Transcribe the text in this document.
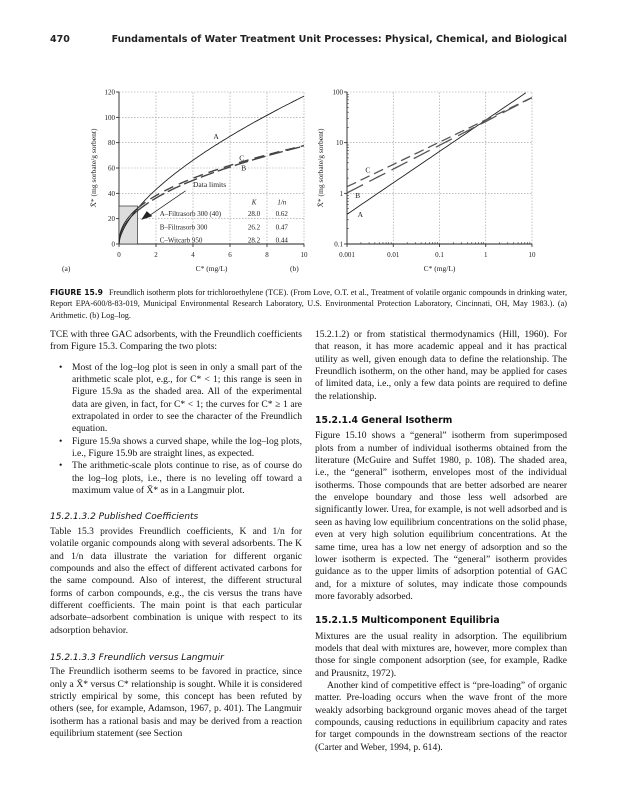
470	Fundamentals of Water Treatment Unit Processes: Physical, Chemical, and Biological
0	2	4	6	8	10
0
20
40
60
80
100
120
C* (mg/L)
X̄* (mg sorbate/g sorbent)
(a)
A
B
C
Data limits
K	1/n
A–Filtrasorb 300 (40)	28.0 0.62
B–Filtrasorb 300	26.2 0.47
C–Witcarb 950	28.2 0.44
0.001	0.01	0.1	1	10
0.1
1
10
100
C* (mg/L)
X̄* (mg sorbate/g sorbent)
(b)
A
B
C
FIGURE 15.9 Freundlich isotherm plots for trichloroethylene (TCE). (From Love, O.T. et al., Treatment of volatile organic compounds in drinking water, Report EPA-600/8-83-019, Municipal Environmental Research Laboratory, U.S. Environmental Protection Laboratory, Cincinnati, OH, May 1983.). (a) Arithmetic. (b) Log–log.

TCE with three GAC adsorbents, with the Freundlich coefficients from Figure 15.3. Comparing the two plots:

• Most of the log–log plot is seen in only a small part of the arithmetic scale plot, e.g., for C* < 1; this range is seen in Figure 15.9a as the shaded area. All of the experimental data are given, in fact, for C* < 1; the curves for C* ≥ 1 are extrapolated in order to see the character of the Freundlich equation.
• Figure 15.9a shows a curved shape, while the log–log plots, i.e., Figure 15.9b are straight lines, as expected.
• The arithmetic-scale plots continue to rise, as of course do the log–log plots, i.e., there is no leveling off toward a maximum value of X̄* as in a Langmuir plot.
15.2.1.3.2 Published Coefficients

Table 15.3 provides Freundlich coefficients, K and 1/n for volatile organic compounds along with several adsorbents. The K and 1/n data illustrate the variation for different organic compounds and also the effect of different activated carbons for the same compound. Also of interest, the different structural forms of carbon compounds, e.g., the cis versus the trans have different coefficients. The main point is that each particular adsorbate–adsorbent combination is unique with respect to its adsorption behavior.

15.2.1.3.3 Freundlich versus Langmuir

The Freundlich isotherm seems to be favored in practice, since only a X̄* versus C* relationship is sought. While it is considered strictly empirical by some, this concept has been refuted by others (see, for example, Adamson, 1967, p. 401). The Langmuir isotherm has a rational basis and may be derived from a reaction equilibrium statement (see Section

15.2.1.2) or from statistical thermodynamics (Hill, 1960). For that reason, it has more academic appeal and it has practical utility as well, given enough data to define the relationship. The Freundlich isotherm, on the other hand, may be applied for cases of limited data, i.e., only a few data points are required to define the relationship.

15.2.1.4 General Isotherm

Figure 15.10 shows a “general” isotherm from superimposed plots from a number of individual isotherms obtained from the literature (McGuire and Suffet 1980, p. 108). The shaded area, i.e., the “general” isotherm, envelopes most of the individual isotherms. Those compounds that are better adsorbed are nearer the envelope boundary and those less well adsorbed are significantly lower. Urea, for example, is not well adsorbed and is seen as having low equilibrium concentrations on the solid phase, even at very high solution equilibrium concentrations. At the same time, urea has a low net energy of adsorption and so the lower isotherm is expected. The “general” isotherm provides guidance as to the upper limits of adsorption potential of GAC and, for a mixture of solutes, may indicate those compounds more favorably adsorbed.

15.2.1.5 Multicomponent Equilibria

Mixtures are the usual reality in adsorption. The equilibrium models that deal with mixtures are, however, more complex than those for single component adsorption (see, for example, Radke and Prausnitz, 1972).

Another kind of competitive effect is “pre-loading” of organic matter. Pre-loading occurs when the wave front of the more weakly adsorbing background organic moves ahead of the target compounds, causing reductions in equilibrium capacity and rates for target compounds in the downstream sections of the reactor (Carter and Weber, 1994, p. 614).
